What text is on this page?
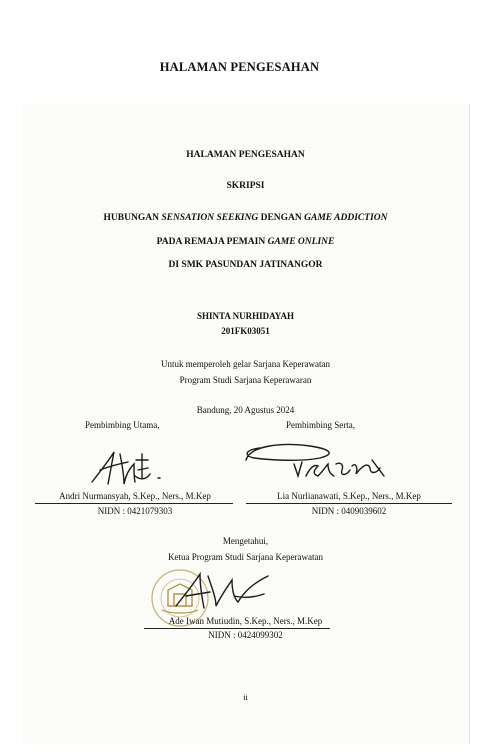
HALAMAN PENGESAHAN
HALAMAN PENGESAHAN
SKRIPSI
HUBUNGAN SENSATION SEEKING DENGAN GAME ADDICTION
PADA REMAJA PEMAIN GAME ONLINE
DI SMK PASUNDAN JATINANGOR
SHINTA NURHIDAYAH
201FK03051
Untuk memperoleh gelar Sarjana Keperawatan
Program Studi Sarjana Keperawaran
Bandung, 20 Agustus 2024
Pembimbing Utama,	Pembimbing Serta,
Andri Nurmansyah, S.Kep., Ners., M.Kep
NIDN : 0421079303
Lia Nurlianawati, S.Kep., Ners., M.Kep
NIDN : 0409039602
Mengetahui,
Ketua Program Studi Sarjana Keperawatan
Ade Iwan Mutiudin, S.Kep., Ners., M.Kep
NIDN : 0424099302
ii
